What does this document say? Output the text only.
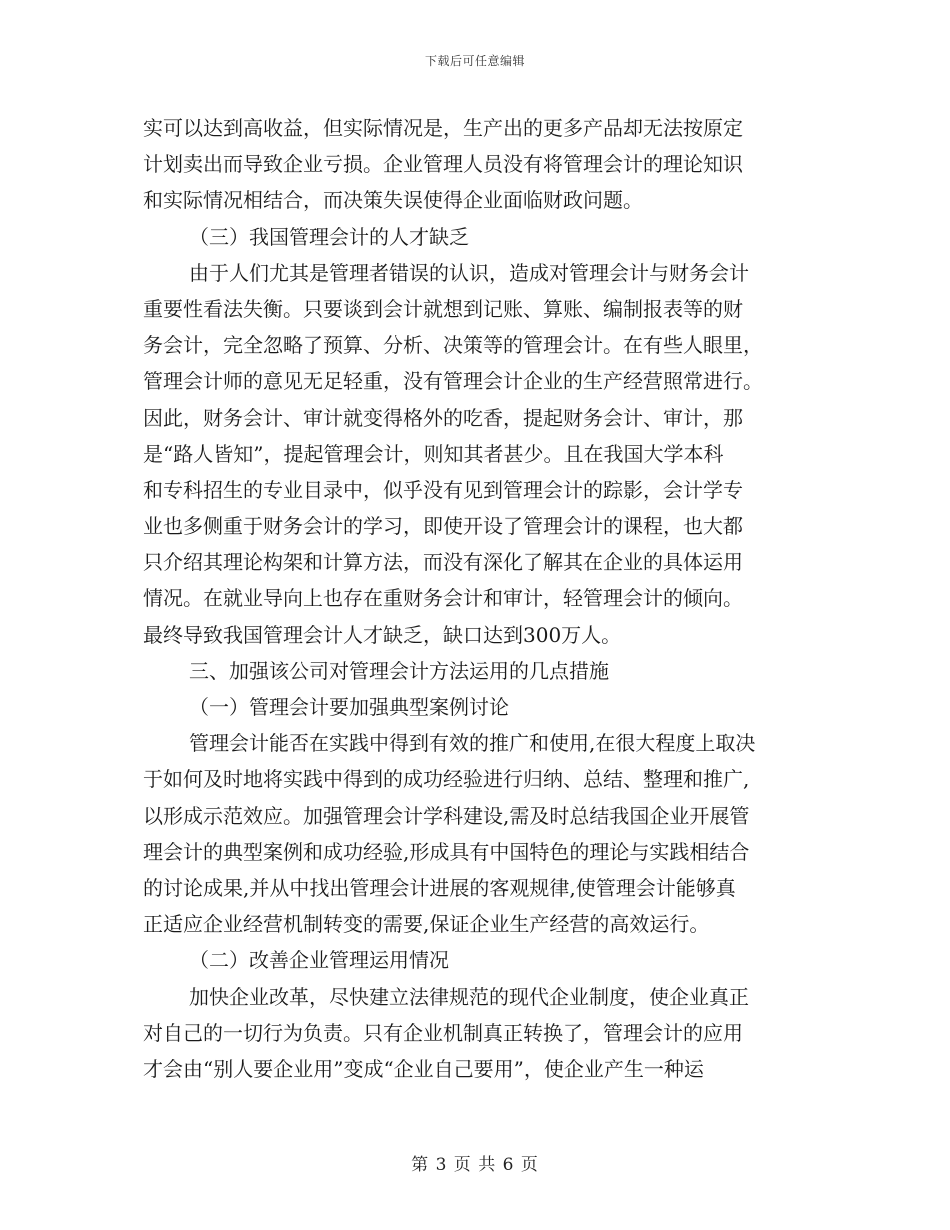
下载后可任意编辑
实可以达到高收益，但实际情况是，生产出的更多产品却无法按原定
计划卖出而导致企业亏损。企业管理人员没有将管理会计的理论知识
和实际情况相结合，而决策失误使得企业面临财政问题。
（三）我国管理会计的人才缺乏
由于人们尤其是管理者错误的认识，造成对管理会计与财务会计
重要性看法失衡。只要谈到会计就想到记账、算账、编制报表等的财
务会计，完全忽略了预算、分析、决策等的管理会计。在有些人眼里，
管理会计师的意见无足轻重，没有管理会计企业的生产经营照常进行。
因此，财务会计、审计就变得格外的吃香，提起财务会计、审计，那
是“路人皆知”，提起管理会计，则知其者甚少。且在我国大学本科
和专科招生的专业目录中，似乎没有见到管理会计的踪影，会计学专
业也多侧重于财务会计的学习，即使开设了管理会计的课程，也大都
只介绍其理论构架和计算方法，而没有深化了解其在企业的具体运用
情况。在就业导向上也存在重财务会计和审计，轻管理会计的倾向。
最终导致我国管理会计人才缺乏，缺口达到300万人。
三、加强该公司对管理会计方法运用的几点措施
（一）管理会计要加强典型案例讨论
管理会计能否在实践中得到有效的推广和使用,在很大程度上取决
于如何及时地将实践中得到的成功经验进行归纳、总结、整理和推广,
以形成示范效应。加强管理会计学科建设,需及时总结我国企业开展管
理会计的典型案例和成功经验,形成具有中国特色的理论与实践相结合
的讨论成果,并从中找出管理会计进展的客观规律,使管理会计能够真
正适应企业经营机制转变的需要,保证企业生产经营的高效运行。
（二）改善企业管理运用情况
加快企业改革，尽快建立法律规范的现代企业制度，使企业真正
对自己的一切行为负责。只有企业机制真正转换了，管理会计的应用
才会由“别人要企业用”变成“企业自己要用”，使企业产生一种运
第 3 页 共 6 页
